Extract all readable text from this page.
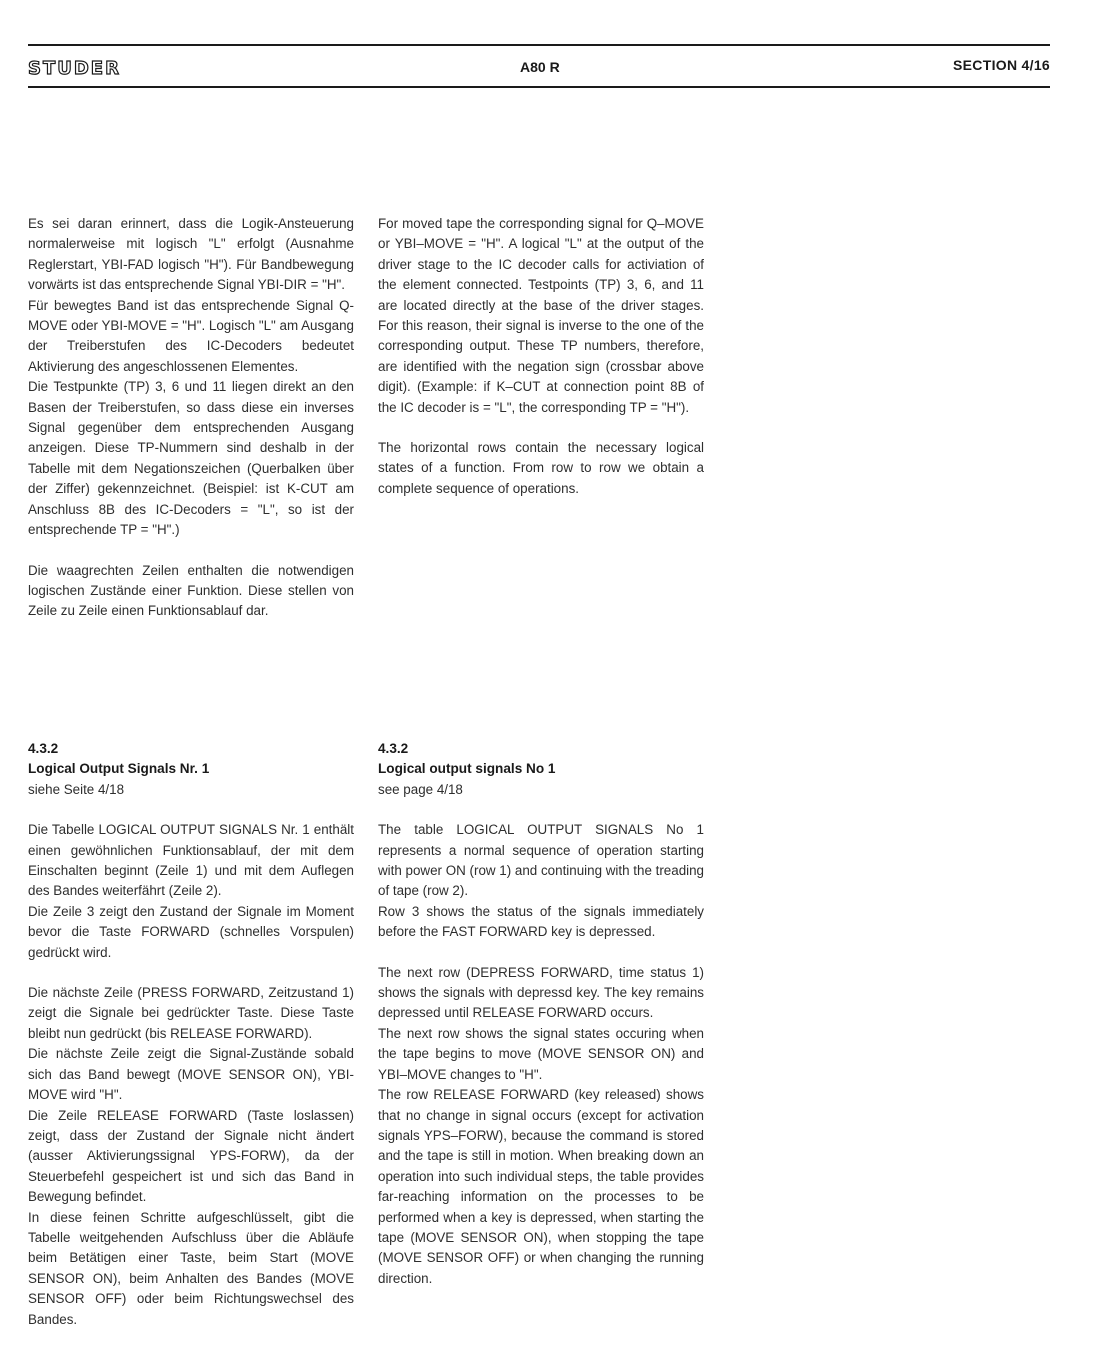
STUDER	A80 R	SECTION 4/16

Es sei daran erinnert, dass die Logik-Ansteuerung normalerweise mit logisch "L" erfolgt (Ausnahme Reglerstart, YBI-FAD logisch "H"). Für Bandbewegung vorwärts ist das entsprechende Signal YBI-DIR = "H".

Für bewegtes Band ist das entsprechende Signal Q-MOVE oder YBI-MOVE = "H". Logisch "L" am Ausgang der Treiberstufen des IC-Decoders bedeutet Aktivierung des angeschlossenen Elementes.

Die Testpunkte (TP) 3, 6 und 11 liegen direkt an den Basen der Treiberstufen, so dass diese ein inverses Signal gegenüber dem entsprechenden Ausgang anzeigen. Diese TP-Nummern sind deshalb in der Tabelle mit dem Negationszeichen (Querbalken über der Ziffer) gekennzeichnet. (Beispiel: ist K-CUT am Anschluss 8B des IC-Decoders = "L", so ist der entsprechende TP = "H".)

Die waagrechten Zeilen enthalten die notwendigen logischen Zustände einer Funktion. Diese stellen von Zeile zu Zeile einen Funktionsablauf dar.

For moved tape the corresponding signal for Q–MOVE or YBI–MOVE = "H". A logical "L" at the output of the driver stage to the IC decoder calls for activiation of the element connected. Testpoints (TP) 3, 6, and 11 are located directly at the base of the driver stages. For this reason, their signal is inverse to the one of the corresponding output. These TP numbers, therefore, are identified with the negation sign (crossbar above digit). (Example: if K–CUT at connection point 8B of the IC decoder is = "L", the corresponding TP = "H").

The horizontal rows contain the necessary logical states of a function. From row to row we obtain a complete sequence of operations.

4.3.2

Logical Output Signals Nr. 1

siehe Seite 4/18

Die Tabelle LOGICAL OUTPUT SIGNALS Nr. 1 enthält einen gewöhnlichen Funktionsablauf, der mit dem Einschalten beginnt (Zeile 1) und mit dem Auflegen des Bandes weiterfährt (Zeile 2).

Die Zeile 3 zeigt den Zustand der Signale im Moment bevor die Taste FORWARD (schnelles Vorspulen) gedrückt wird.

Die nächste Zeile (PRESS FORWARD, Zeitzustand 1) zeigt die Signale bei gedrückter Taste. Diese Taste bleibt nun gedrückt (bis RELEASE FORWARD).

Die nächste Zeile zeigt die Signal-Zustände sobald sich das Band bewegt (MOVE SENSOR ON), YBI-MOVE wird "H".

Die Zeile RELEASE FORWARD (Taste loslassen) zeigt, dass der Zustand der Signale nicht ändert (ausser Aktivierungssignal YPS-FORW), da der Steuerbefehl gespeichert ist und sich das Band in Bewegung befindet.

In diese feinen Schritte aufgeschlüsselt, gibt die Tabelle weitgehenden Aufschluss über die Abläufe beim Betätigen einer Taste, beim Start (MOVE SENSOR ON), beim Anhalten des Bandes (MOVE SENSOR OFF) oder beim Richtungswechsel des Bandes.

4.3.2

Logical output signals No 1

see page 4/18

The table LOGICAL OUTPUT SIGNALS No 1 represents a normal sequence of operation starting with power ON (row 1) and continuing with the treading of tape (row 2).

Row 3 shows the status of the signals immediately before the FAST FORWARD key is depressed.

The next row (DEPRESS FORWARD, time status 1) shows the signals with depressd key. The key remains depressed until RELEASE FORWARD occurs.

The next row shows the signal states occuring when the tape begins to move (MOVE SENSOR ON) and YBI–MOVE changes to "H".

The row RELEASE FORWARD (key released) shows that no change in signal occurs (except for activation signals YPS–FORW), because the command is stored and the tape is still in motion. When breaking down an operation into such individual steps, the table provides far-reaching information on the processes to be performed when a key is depressed, when starting the tape (MOVE SENSOR ON), when stopping the tape (MOVE SENSOR OFF) or when changing the running direction.
